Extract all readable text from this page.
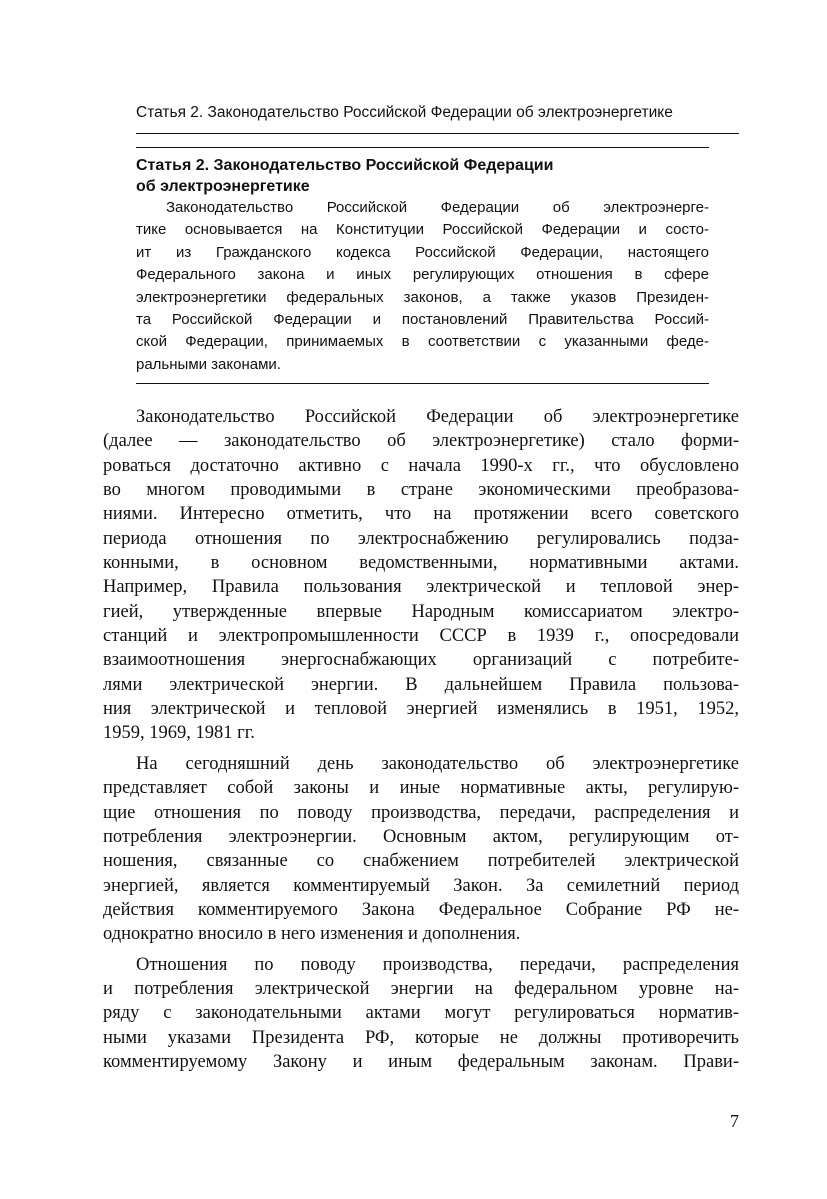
Статья 2. Законодательство Российской Федерации об электроэнергетике
Статья 2. Законодательство Российской Федерации
об электроэнергетике
Законодательство Российской Федерации об электроэнерге-
тике основывается на Конституции Российской Федерации и состо-
ит из Гражданского кодекса Российской Федерации, настоящего
Федерального закона и иных регулирующих отношения в сфере
электроэнергетики федеральных законов, а также указов Президен-
та Российской Федерации и постановлений Правительства Россий-
ской Федерации, принимаемых в соответствии с указанными феде-
ральными законами.
Законодательство Российской Федерации об электроэнергетике
(далее — законодательство об электроэнергетике) стало форми-
роваться достаточно активно с начала 1990-х гг., что обусловлено
во многом проводимыми в стране экономическими преобразова-
ниями. Интересно отметить, что на протяжении всего советского
периода отношения по электроснабжению регулировались подза-
конными, в основном ведомственными, нормативными актами.
Например, Правила пользования электрической и тепловой энер-
гией, утвержденные впервые Народным комиссариатом электро-
станций и электропромышленности СССР в 1939 г., опосредовали
взаимоотношения энергоснабжающих организаций с потребите-
лями электрической энергии. В дальнейшем Правила пользова-
ния электрической и тепловой энергией изменялись в 1951, 1952,
1959, 1969, 1981 гг.
На сегодняшний день законодательство об электроэнергетике
представляет собой законы и иные нормативные акты, регулирую-
щие отношения по поводу производства, передачи, распределения и
потребления электроэнергии. Основным актом, регулирующим от-
ношения, связанные со снабжением потребителей электрической
энергией, является комментируемый Закон. За семилетний период
действия комментируемого Закона Федеральное Собрание РФ не-
однократно вносило в него изменения и дополнения.
Отношения по поводу производства, передачи, распределения
и потребления электрической энергии на федеральном уровне на-
ряду с законодательными актами могут регулироваться норматив-
ными указами Президента РФ, которые не должны противоречить
комментируемому Закону и иным федеральным законам. Прави-
7
